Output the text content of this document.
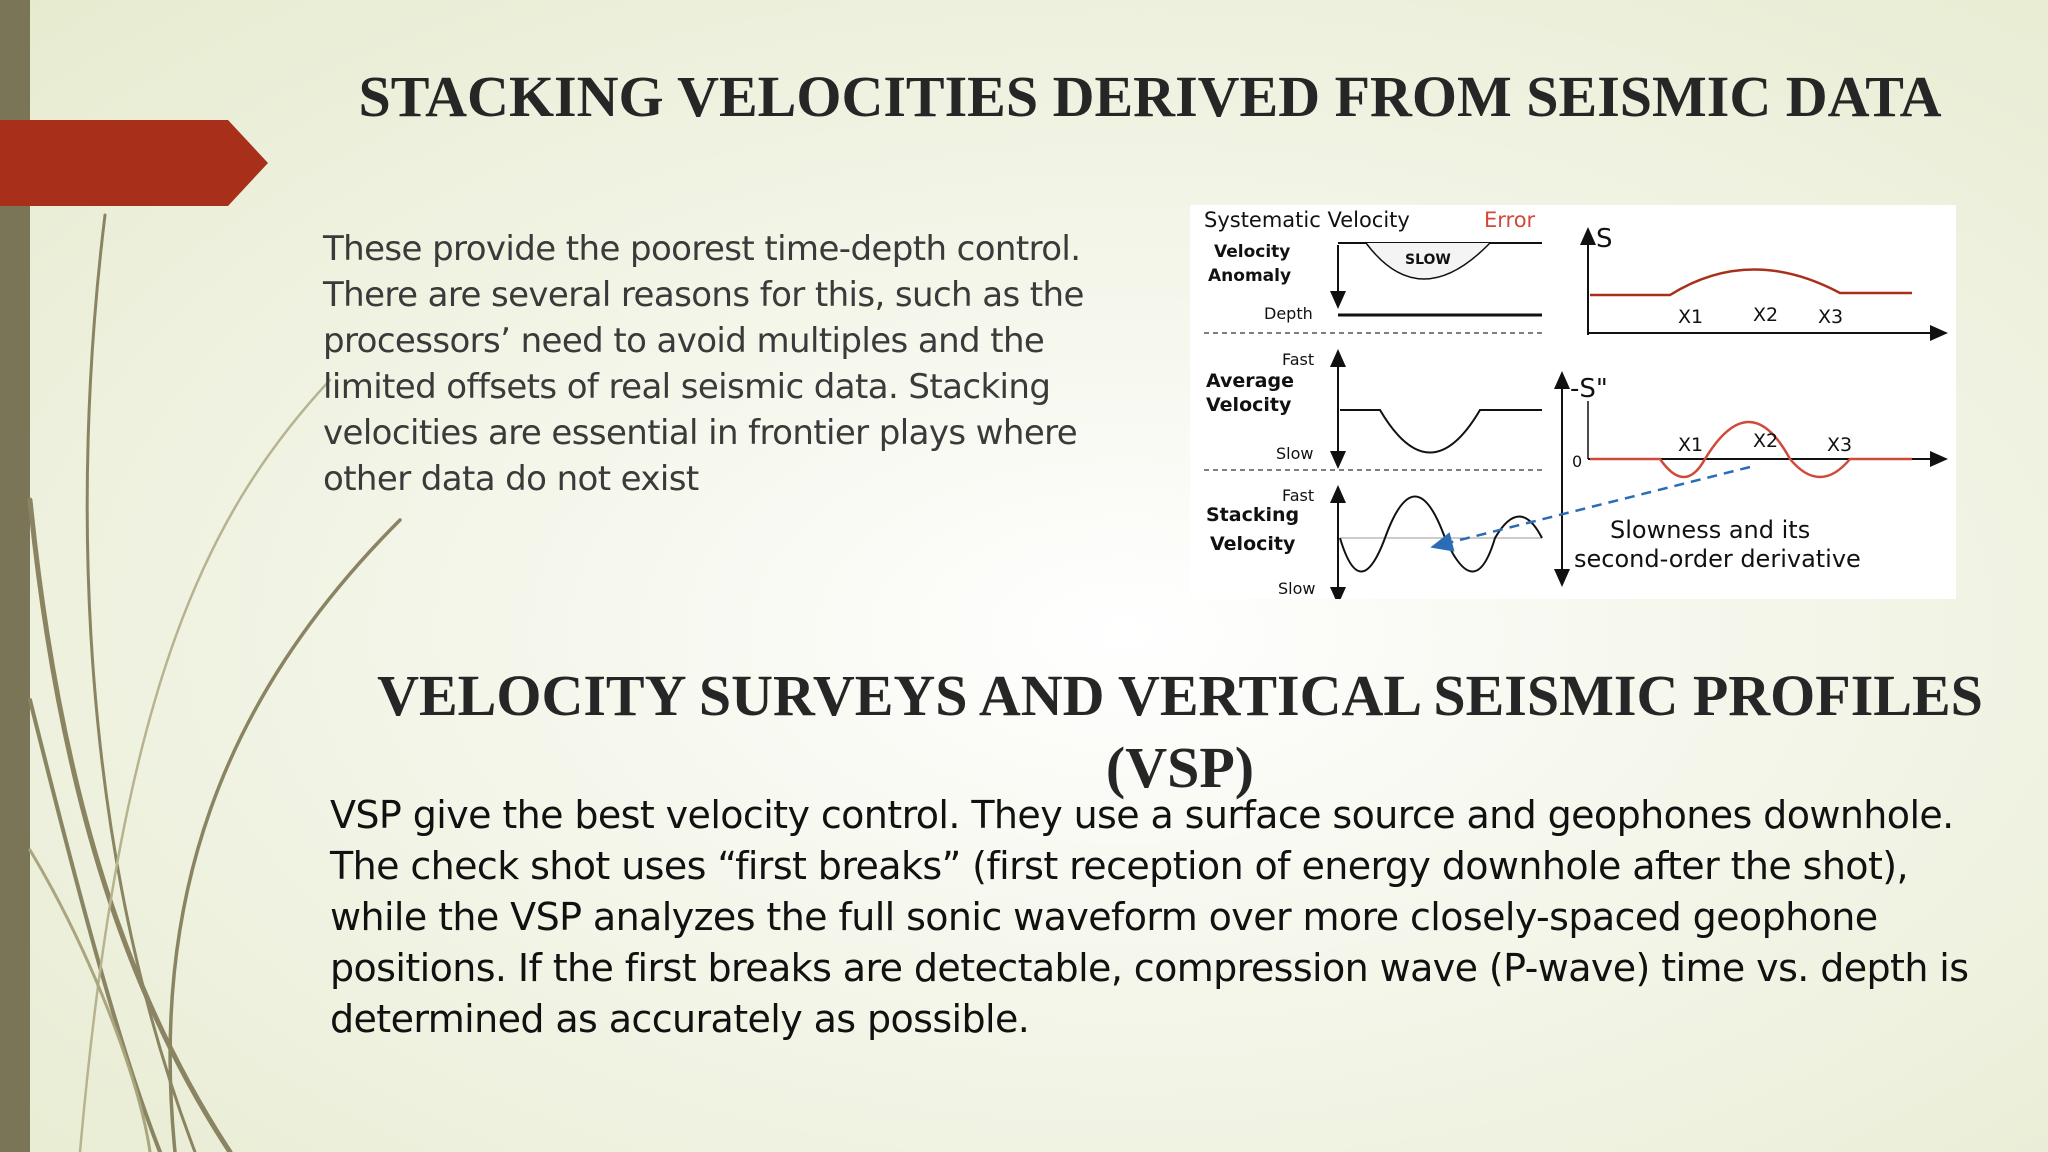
STACKING VELOCITIES DERIVED FROM SEISMIC DATA
These provide the poorest time-depth control. There are several reasons for this, such as the processors’ need to avoid multiples and the limited offsets of real seismic data. Stacking velocities are essential in frontier plays where other data do not exist
Systematic Velocity	Error
Velocity
Anomaly
SLOW
Depth
Fast
Average
Velocity
Slow
Fast
Stacking
Velocity
Slow
S
X1	X2 X3
-S"
0
X1	X2	X3
Slowness and its
second-order derivative
VELOCITY SURVEYS AND VERTICAL SEISMIC PROFILES
(VSP)
VSP give the best velocity control. They use a surface source and geophones downhole. The check shot uses “first breaks” (first reception of energy downhole after the shot), while the VSP analyzes the full sonic waveform over more closely-spaced geophone positions. If the first breaks are detectable, compression wave (P-wave) time vs. depth is determined as accurately as possible.
